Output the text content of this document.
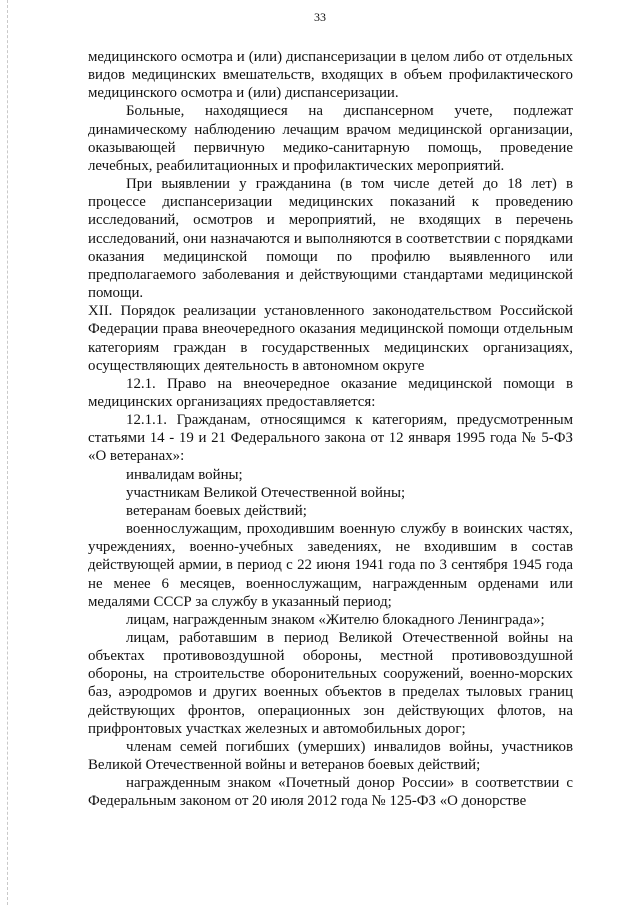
33

медицинского осмотра и (или) диспансеризации в целом либо от отдельных видов медицинских вмешательств, входящих в объем профилактического медицинского осмотра и (или) диспансеризации.

Больные, находящиеся на диспансерном учете, подлежат динамическому наблюдению лечащим врачом медицинской организации, оказывающей первичную медико-санитарную помощь, проведение лечебных, реабилитационных и профилактических мероприятий.

При выявлении у гражданина (в том числе детей до 18 лет) в процессе диспансеризации медицинских показаний к проведению исследований, осмотров и мероприятий, не входящих в перечень исследований, они назначаются и выполняются в соответствии с порядками оказания медицинской помощи по профилю выявленного или предполагаемого заболевания и действующими стандартами медицинской помощи.

XII. Порядок реализации установленного законодательством Российской Федерации права внеочередного оказания медицинской помощи отдельным категориям граждан в государственных медицинских организациях, осуществляющих деятельность в автономном округе

12.1. Право на внеочередное оказание медицинской помощи в медицинских организациях предоставляется:

12.1.1. Гражданам, относящимся к категориям, предусмотренным статьями 14 - 19 и 21 Федерального закона от 12 января 1995 года № 5-ФЗ «О ветеранах»:

инвалидам войны;

участникам Великой Отечественной войны;

ветеранам боевых действий;

военнослужащим, проходившим военную службу в воинских частях, учреждениях, военно-учебных заведениях, не входившим в состав действующей армии, в период с 22 июня 1941 года по 3 сентября 1945 года не менее 6 месяцев, военнослужащим, награжденным орденами или медалями СССР за службу в указанный период;

лицам, награжденным знаком «Жителю блокадного Ленинграда»;

лицам, работавшим в период Великой Отечественной войны на объектах противовоздушной обороны, местной противовоздушной обороны, на строительстве оборонительных сооружений, военно-морских баз, аэродромов и других военных объектов в пределах тыловых границ действующих фронтов, операционных зон действующих флотов, на прифронтовых участках железных и автомобильных дорог;

членам семей погибших (умерших) инвалидов войны, участников Великой Отечественной войны и ветеранов боевых действий;

награжденным знаком «Почетный донор России» в соответствии с Федеральным законом от 20 июля 2012 года № 125-ФЗ «О донорстве
